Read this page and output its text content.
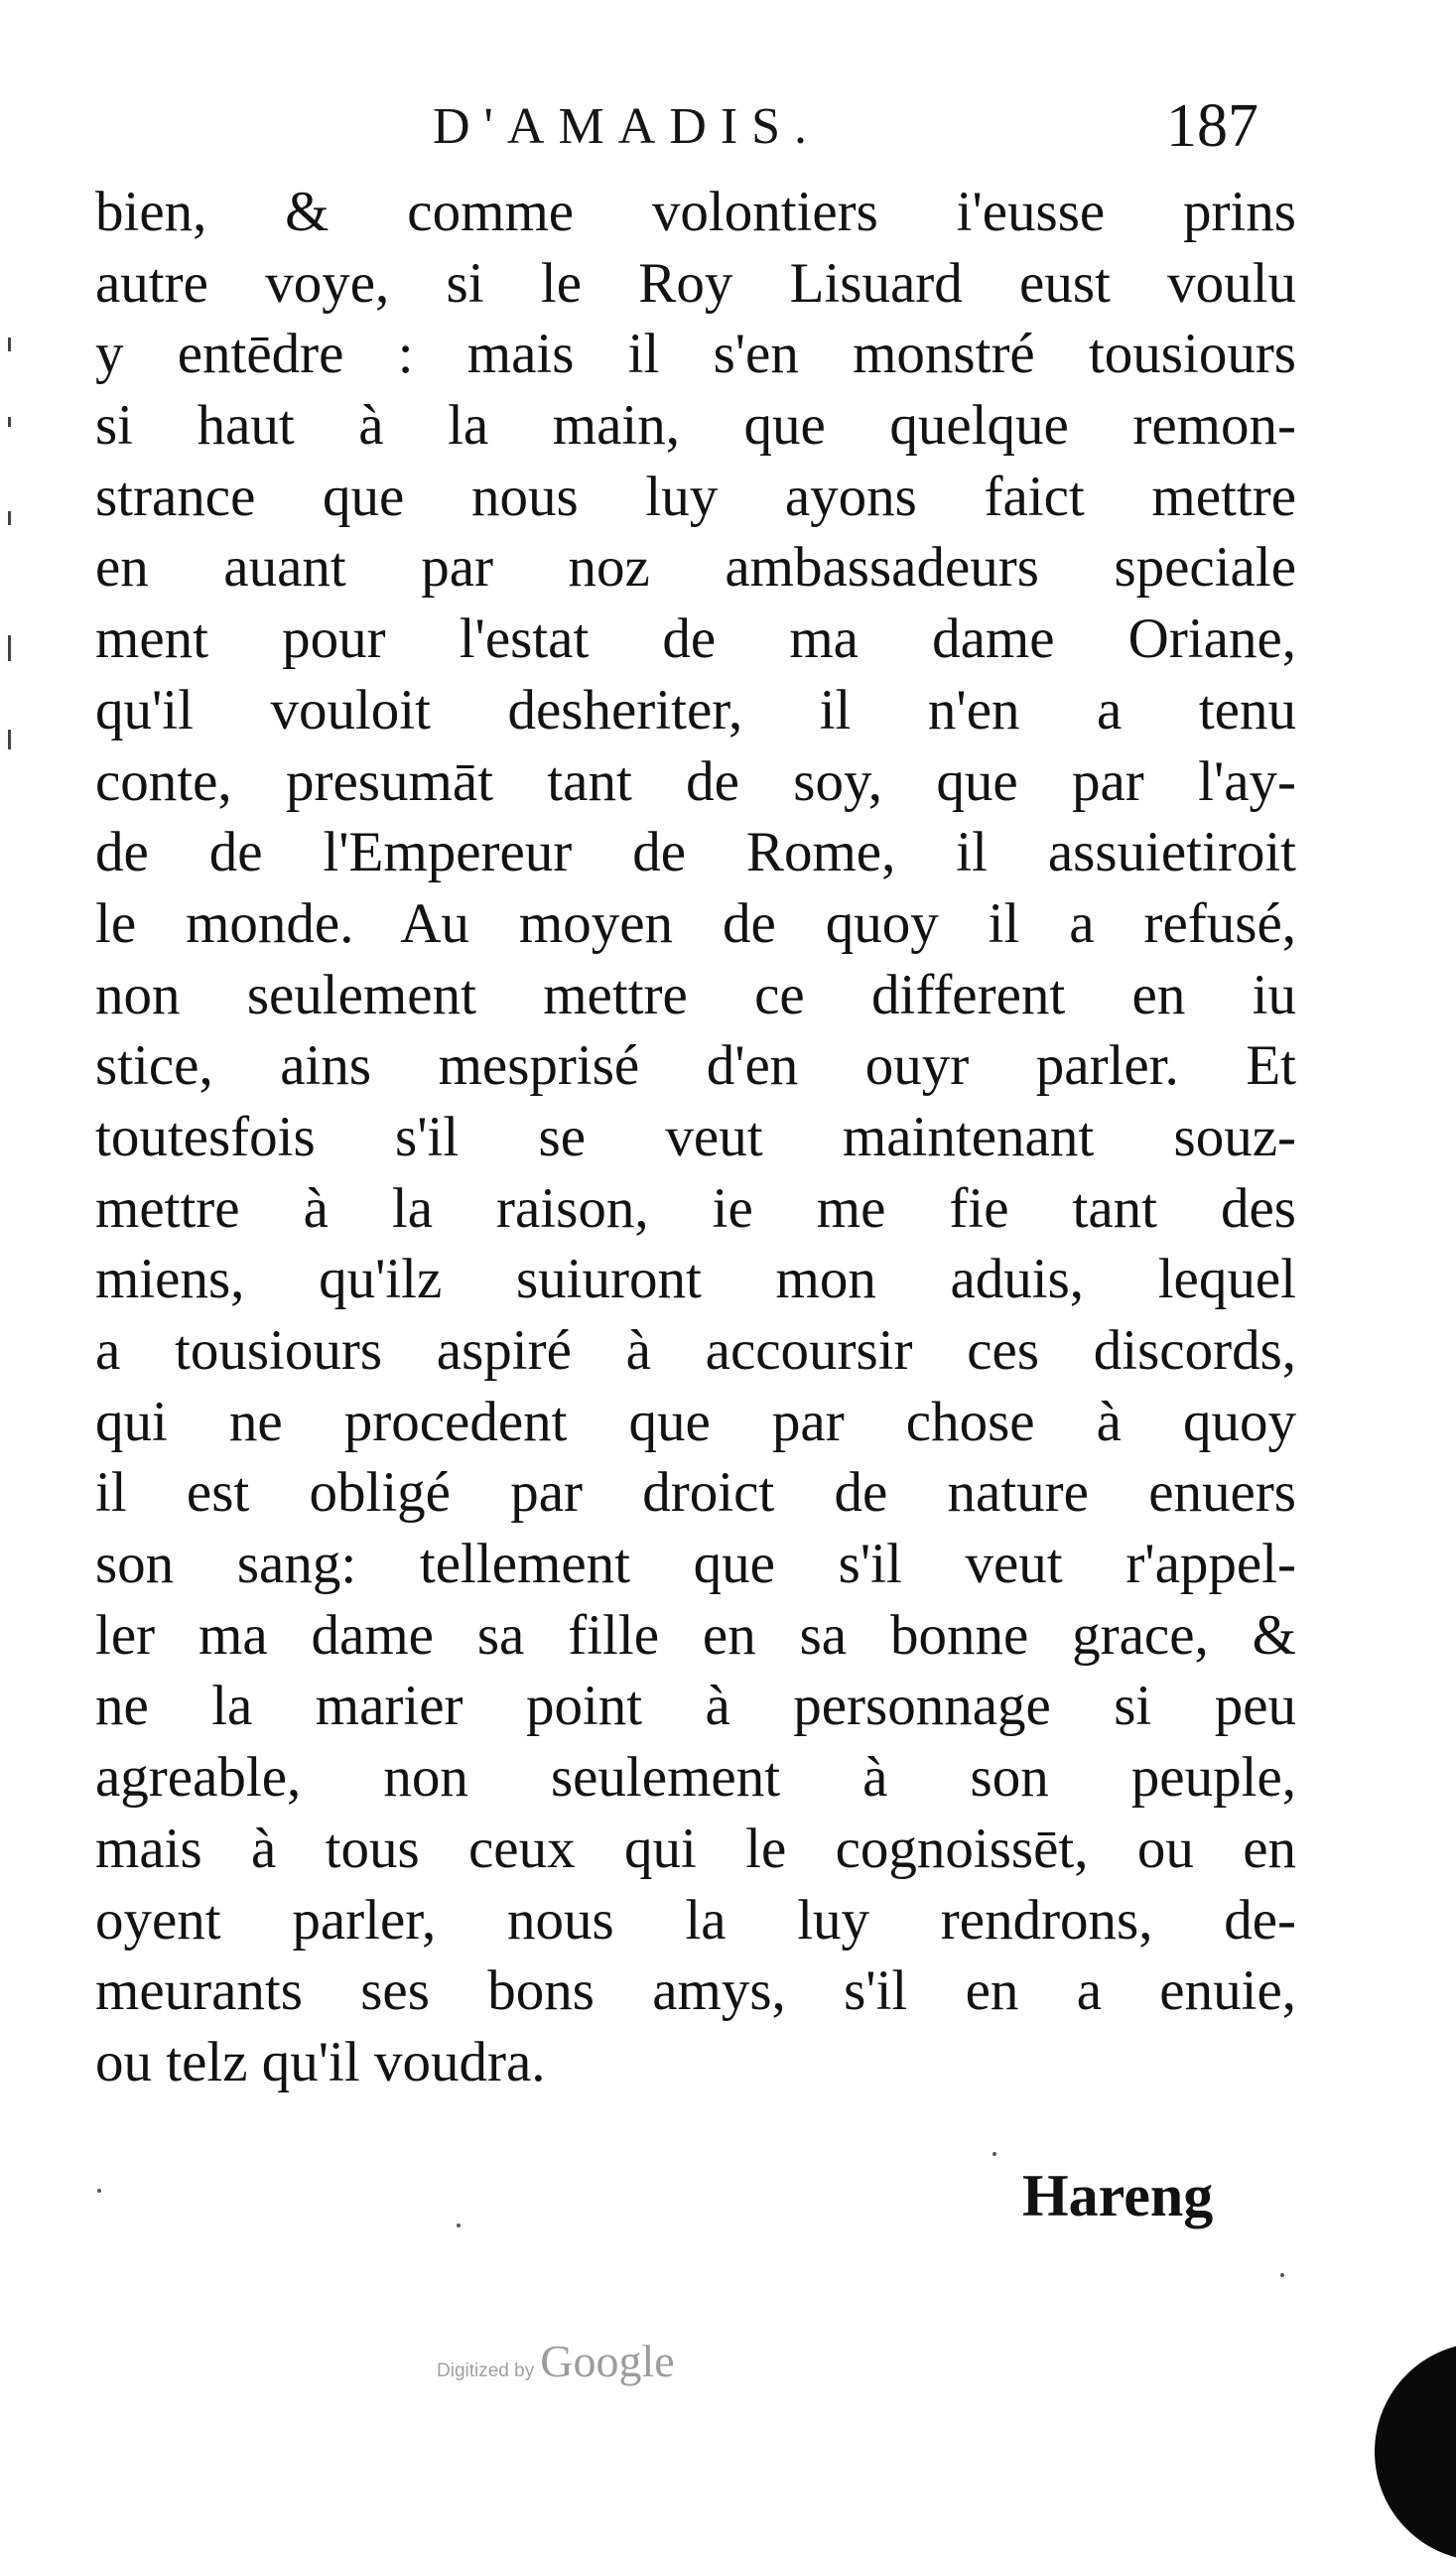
D'AMADIS.	187
bien, & comme volontiers i'eusse prins
autre voye, si le Roy Lisuard eust voulu
y entēdre : mais il s'en monstré tousiours
si haut à la main, que quelque remon-
strance que nous luy ayons faict mettre
en auant par noz ambassadeurs speciale
ment pour l'estat de ma dame Oriane,
qu'il vouloit desheriter, il n'en a tenu
conte, presumāt tant de soy, que par l'ay-
de de l'Empereur de Rome, il assuietiroit
le monde. Au moyen de quoy il a refusé,
non seulement mettre ce different en iu
stice, ains mesprisé d'en ouyr parler. Et
toutesfois s'il se veut maintenant souz-
mettre à la raison, ie me fie tant des
miens, qu'ilz suiuront mon aduis, lequel
a tousiours aspiré à accoursir ces discords,
qui ne procedent que par chose à quoy
il est obligé par droict de nature enuers
son sang: tellement que s'il veut r'appel-
ler ma dame sa fille en sa bonne grace, &
ne la marier point à personnage si peu
agreable, non seulement à son peuple,
mais à tous ceux qui le cognoissēt, ou en
oyent parler, nous la luy rendrons, de-
meurants ses bons amys, s'il en a enuie,
ou telz qu'il voudra.
Hareng
Digitized by Google
